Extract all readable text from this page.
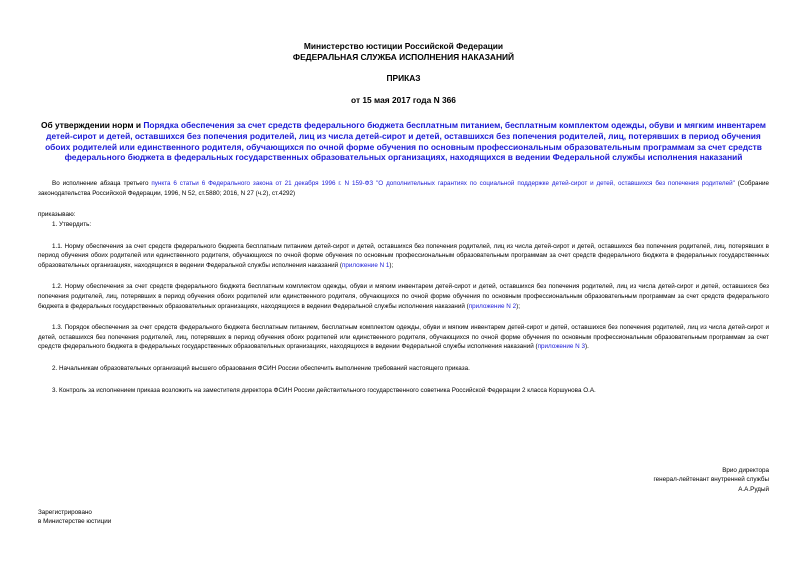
Министерство юстиции Российской Федерации
ФЕДЕРАЛЬНАЯ СЛУЖБА ИСПОЛНЕНИЯ НАКАЗАНИЙ
ПРИКАЗ
от 15 мая 2017 года N 366
Об утверждении норм и Порядка обеспечения за счет средств федерального бюджета бесплатным питанием, бесплатным комплектом одежды, обуви и мягким инвентарем детей-сирот и детей, оставшихся без попечения родителей, лиц из числа детей-сирот и детей, оставшихся без попечения родителей, лиц, потерявших в период обучения обоих родителей или единственного родителя, обучающихся по очной форме обучения по основным профессиональным образовательным программам за счет средств федерального бюджета в федеральных государственных образовательных организациях, находящихся в ведении Федеральной службы исполнения наказаний

Во исполнение абзаца третьего пункта 6 статьи 6 Федерального закона от 21 декабря 1996 г. N 159-ФЗ "О дополнительных гарантиях по социальной поддержке детей-сирот и детей, оставшихся без попечения родителей" (Собрание законодательства Российской Федерации, 1996, N 52, ст.5880; 2016, N 27 (ч.2), ст.4292)

приказываю:

1. Утвердить:

1.1. Норму обеспечения за счет средств федерального бюджета бесплатным питанием детей-сирот и детей, оставшихся без попечения родителей, лиц из числа детей-сирот и детей, оставшихся без попечения родителей, лиц, потерявших в период обучения обоих родителей или единственного родителя, обучающихся по очной форме обучения по основным профессиональным образовательным программам за счет средств федерального бюджета в федеральных государственных образовательных организациях, находящихся в ведении Федеральной службы исполнения наказаний (приложение N 1);

1.2. Норму обеспечения за счет средств федерального бюджета бесплатным комплектом одежды, обуви и мягким инвентарем детей-сирот и детей, оставшихся без попечения родителей, лиц из числа детей-сирот и детей, оставшихся без попечения родителей, лиц, потерявших в период обучения обоих родителей или единственного родителя, обучающихся по очной форме обучения по основным профессиональным образовательным программам за счет средств федерального бюджета в федеральных государственных образовательных организациях, находящихся в ведении Федеральной службы исполнения наказаний (приложение N 2);

1.3. Порядок обеспечения за счет средств федерального бюджета бесплатным питанием, бесплатным комплектом одежды, обуви и мягким инвентарем детей-сирот и детей, оставшихся без попечения родителей, лиц из числа детей-сирот и детей, оставшихся без попечения родителей, лиц, потерявших в период обучения обоих родителей или единственного родителя, обучающихся по очной форме обучения по основным профессиональным образовательным программам за счет средств федерального бюджета в федеральных государственных образовательных организациях, находящихся в ведении Федеральной службы исполнения наказаний (приложение N 3).

2. Начальникам образовательных организаций высшего образования ФСИН России обеспечить выполнение требований настоящего приказа.

3. Контроль за исполнением приказа возложить на заместителя директора ФСИН России действительного государственного советника Российской Федерации 2 класса Коршунова О.А.

Врио директора
генерал-лейтенант внутренней службы
А.А.Рудый
Зарегистрировано
в Министерстве юстиции
